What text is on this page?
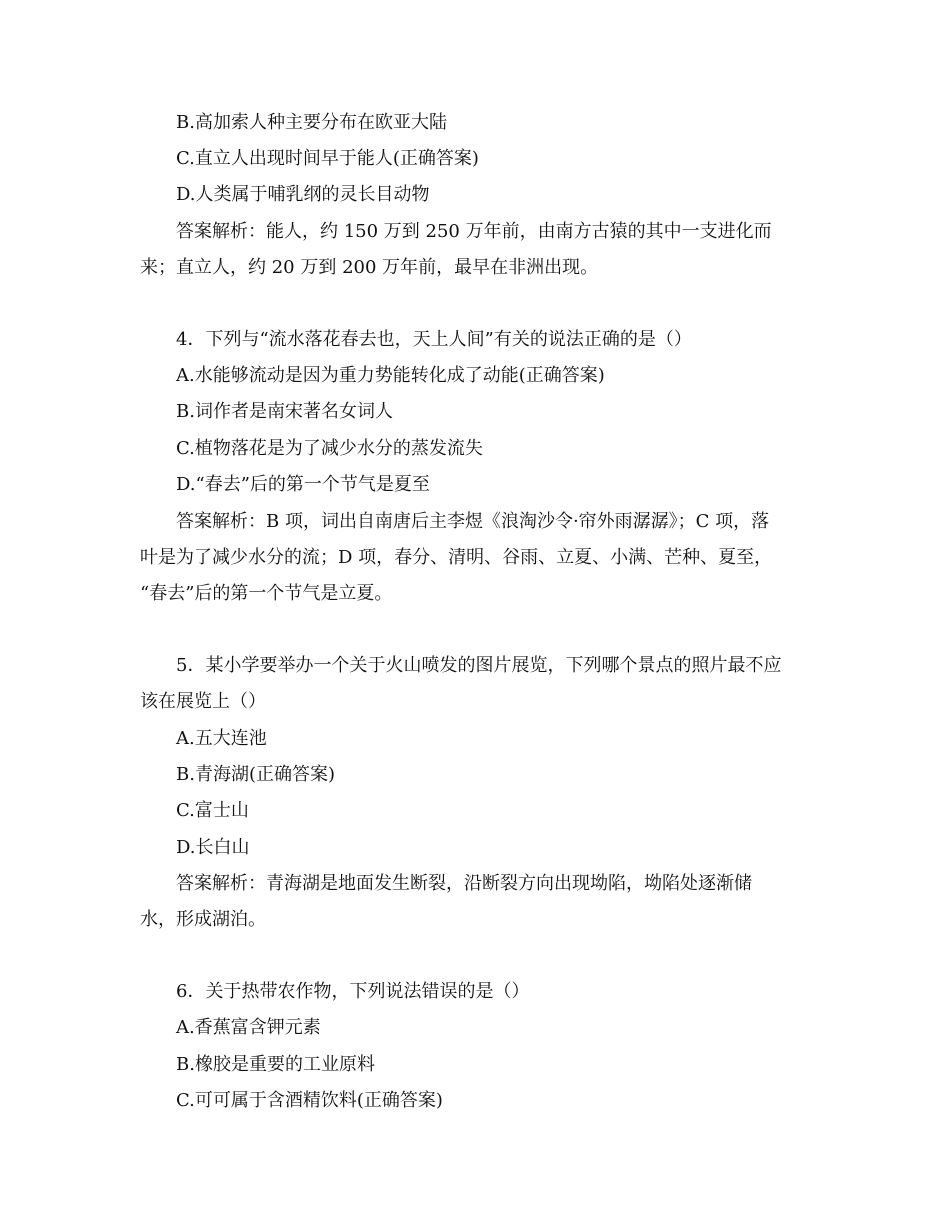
B.高加索人种主要分布在欧亚大陆
C.直立人出现时间早于能人(正确答案)
D.人类属于哺乳纲的灵长目动物
答案解析：能人，约 150 万到 250 万年前，由南方古猿的其中一支进化而
来；直立人，约 20 万到 200 万年前，最早在非洲出现。
4．下列与“流水落花春去也，天上人间”有关的说法正确的是（）
A.水能够流动是因为重力势能转化成了动能(正确答案)
B.词作者是南宋著名女词人
C.植物落花是为了减少水分的蒸发流失
D.“春去”后的第一个节气是夏至
答案解析：B 项，词出自南唐后主李煜《浪淘沙令·帘外雨潺潺》；C 项，落
叶是为了减少水分的流；D 项，春分、清明、谷雨、立夏、小满、芒种、夏至，
“春去”后的第一个节气是立夏。
5．某小学要举办一个关于火山喷发的图片展览，下列哪个景点的照片最不应
该在展览上（）
A.五大连池
B.青海湖(正确答案)
C.富士山
D.长白山
答案解析：青海湖是地面发生断裂，沿断裂方向出现坳陷，坳陷处逐渐储
水，形成湖泊。
6．关于热带农作物，下列说法错误的是（）
A.香蕉富含钾元素
B.橡胶是重要的工业原料
C.可可属于含酒精饮料(正确答案)
